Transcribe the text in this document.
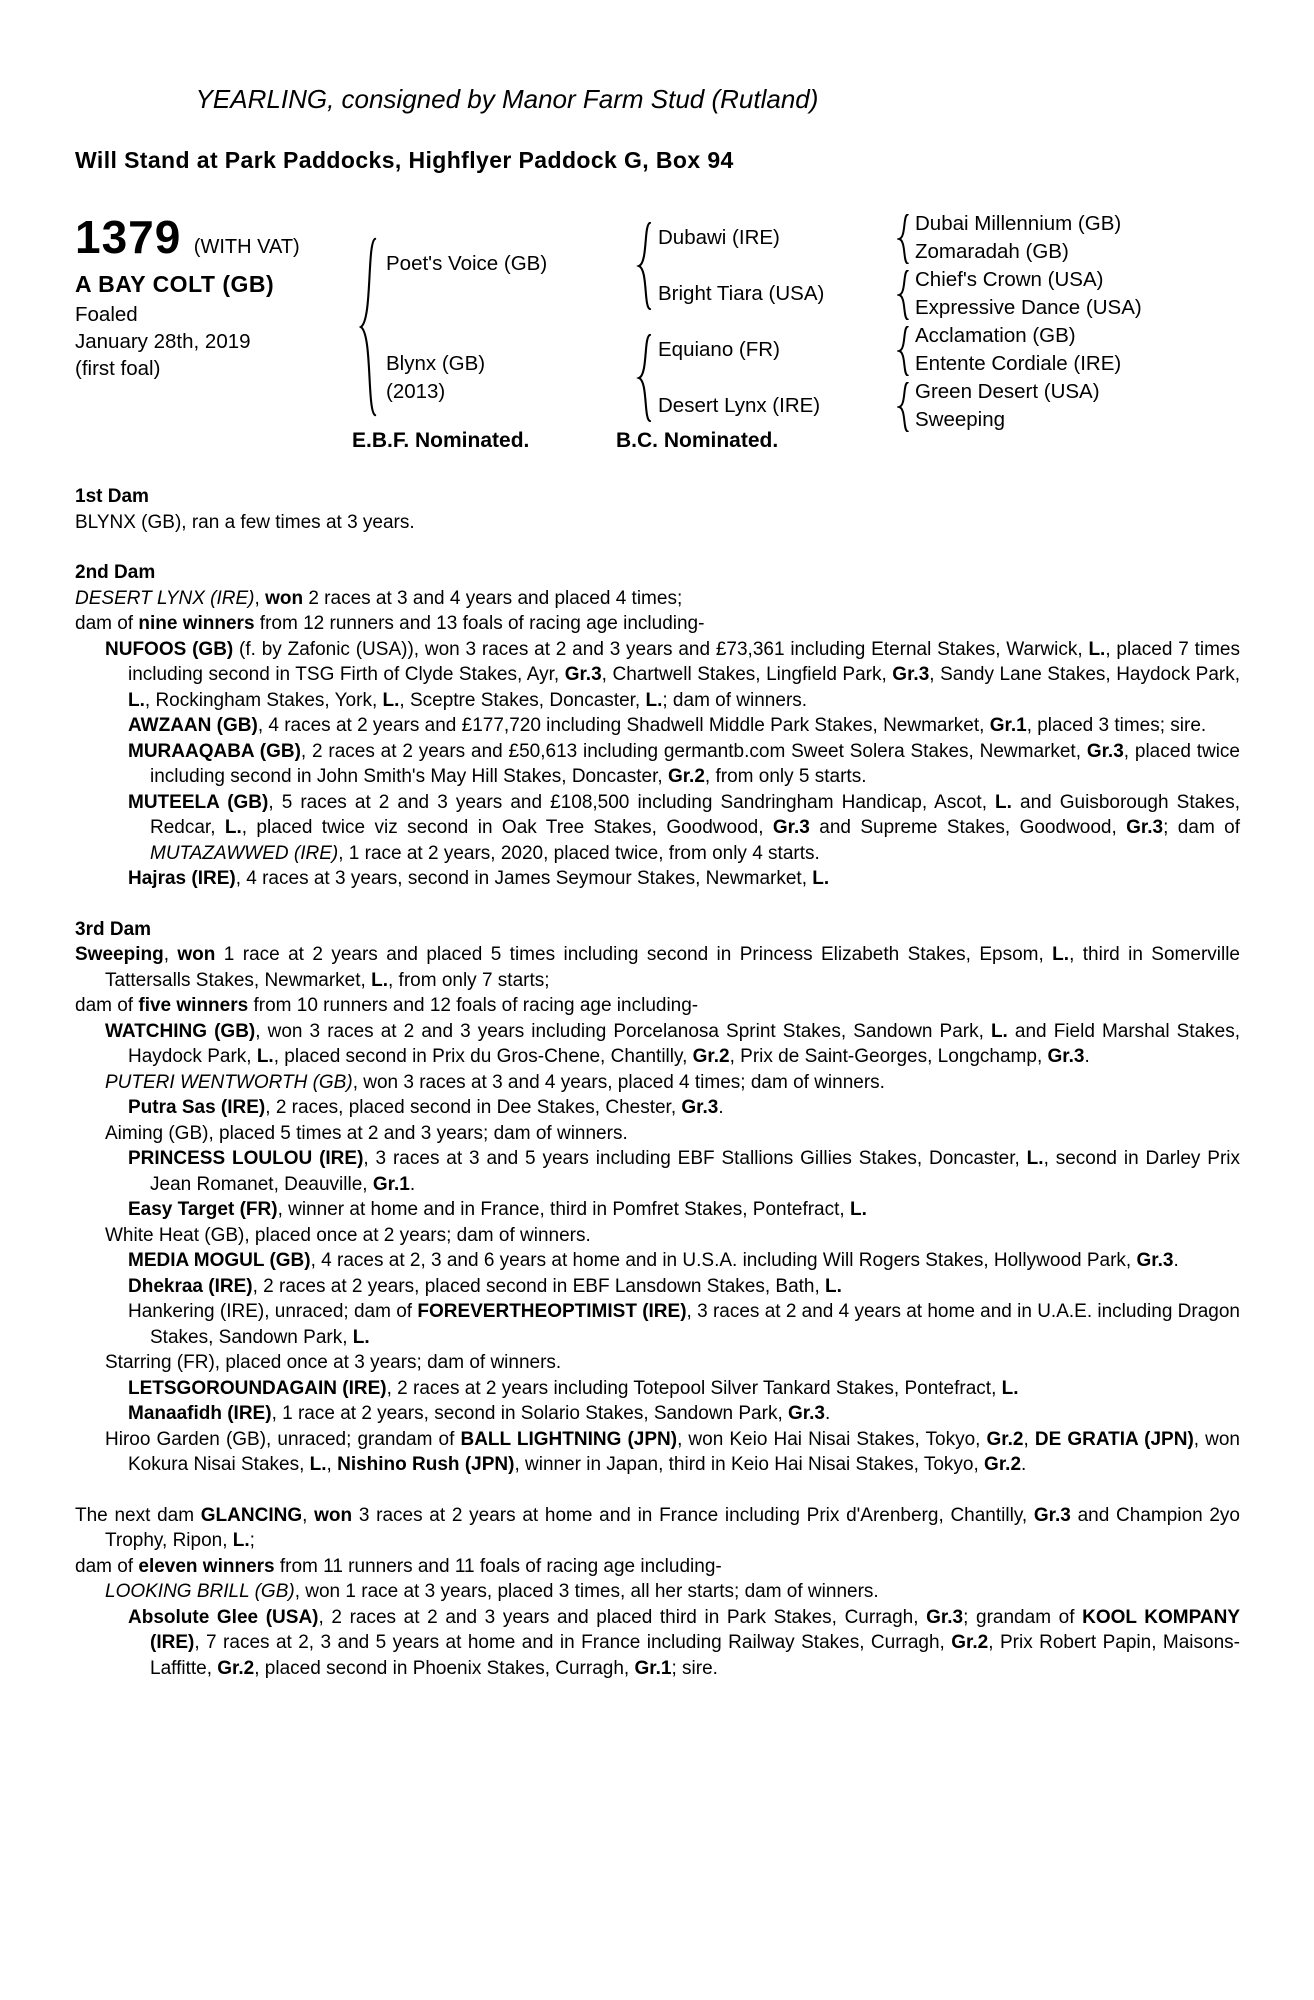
YEARLING, consigned by Manor Farm Stud (Rutland)
Will Stand at Park Paddocks, Highflyer Paddock G, Box 94
1379 (WITH VAT)
A BAY COLT (GB)
Foaled
January 28th, 2019
(first foal)
Poet's Voice (GB)
Blynx (GB)
(2013)
Dubawi (IRE)
Bright Tiara (USA)
Equiano (FR)
Desert Lynx (IRE)
Dubai Millennium (GB)
Zomaradah (GB)
Chief's Crown (USA)
Expressive Dance (USA)
Acclamation (GB)
Entente Cordiale (IRE)
Green Desert (USA)
Sweeping
E.B.F. Nominated.	B.C. Nominated.
1st Dam
BLYNX (GB), ran a few times at 3 years.
2nd Dam
DESERT LYNX (IRE), won 2 races at 3 and 4 years and placed 4 times;
dam of nine winners from 12 runners and 13 foals of racing age including-
NUFOOS (GB) (f. by Zafonic (USA)), won 3 races at 2 and 3 years and £73,361 including Eternal Stakes, Warwick, L., placed 7 times including second in TSG Firth of Clyde Stakes, Ayr, Gr.3, Chartwell Stakes, Lingfield Park, Gr.3, Sandy Lane Stakes, Haydock Park, L., Rockingham Stakes, York, L., Sceptre Stakes, Doncaster, L.; dam of winners.
AWZAAN (GB), 4 races at 2 years and £177,720 including Shadwell Middle Park Stakes, Newmarket, Gr.1, placed 3 times; sire.
MURAAQABA (GB), 2 races at 2 years and £50,613 including germantb.com Sweet Solera Stakes, Newmarket, Gr.3, placed twice including second in John Smith's May Hill Stakes, Doncaster, Gr.2, from only 5 starts.
MUTEELA (GB), 5 races at 2 and 3 years and £108,500 including Sandringham Handicap, Ascot, L. and Guisborough Stakes, Redcar, L., placed twice viz second in Oak Tree Stakes, Goodwood, Gr.3 and Supreme Stakes, Goodwood, Gr.3; dam of MUTAZAWWED (IRE), 1 race at 2 years, 2020, placed twice, from only 4 starts.
Hajras (IRE), 4 races at 3 years, second in James Seymour Stakes, Newmarket, L.
3rd Dam
Sweeping, won 1 race at 2 years and placed 5 times including second in Princess Elizabeth Stakes, Epsom, L., third in Somerville Tattersalls Stakes, Newmarket, L., from only 7 starts;
dam of five winners from 10 runners and 12 foals of racing age including-
WATCHING (GB), won 3 races at 2 and 3 years including Porcelanosa Sprint Stakes, Sandown Park, L. and Field Marshal Stakes, Haydock Park, L., placed second in Prix du Gros-Chene, Chantilly, Gr.2, Prix de Saint-Georges, Longchamp, Gr.3.
PUTERI WENTWORTH (GB), won 3 races at 3 and 4 years, placed 4 times; dam of winners.
Putra Sas (IRE), 2 races, placed second in Dee Stakes, Chester, Gr.3.
Aiming (GB), placed 5 times at 2 and 3 years; dam of winners.
PRINCESS LOULOU (IRE), 3 races at 3 and 5 years including EBF Stallions Gillies Stakes, Doncaster, L., second in Darley Prix Jean Romanet, Deauville, Gr.1.
Easy Target (FR), winner at home and in France, third in Pomfret Stakes, Pontefract, L.
White Heat (GB), placed once at 2 years; dam of winners.
MEDIA MOGUL (GB), 4 races at 2, 3 and 6 years at home and in U.S.A. including Will Rogers Stakes, Hollywood Park, Gr.3.
Dhekraa (IRE), 2 races at 2 years, placed second in EBF Lansdown Stakes, Bath, L.
Hankering (IRE), unraced; dam of FOREVERTHEOPTIMIST (IRE), 3 races at 2 and 4 years at home and in U.A.E. including Dragon Stakes, Sandown Park, L.
Starring (FR), placed once at 3 years; dam of winners.
LETSGOROUNDAGAIN (IRE), 2 races at 2 years including Totepool Silver Tankard Stakes, Pontefract, L.
Manaafidh (IRE), 1 race at 2 years, second in Solario Stakes, Sandown Park, Gr.3.
Hiroo Garden (GB), unraced; grandam of BALL LIGHTNING (JPN), won Keio Hai Nisai Stakes, Tokyo, Gr.2, DE GRATIA (JPN), won Kokura Nisai Stakes, L., Nishino Rush (JPN), winner in Japan, third in Keio Hai Nisai Stakes, Tokyo, Gr.2.
The next dam GLANCING, won 3 races at 2 years at home and in France including Prix d'Arenberg, Chantilly, Gr.3 and Champion 2yo Trophy, Ripon, L.;
dam of eleven winners from 11 runners and 11 foals of racing age including-
LOOKING BRILL (GB), won 1 race at 3 years, placed 3 times, all her starts; dam of winners.
Absolute Glee (USA), 2 races at 2 and 3 years and placed third in Park Stakes, Curragh, Gr.3; grandam of KOOL KOMPANY (IRE), 7 races at 2, 3 and 5 years at home and in France including Railway Stakes, Curragh, Gr.2, Prix Robert Papin, Maisons-Laffitte, Gr.2, placed second in Phoenix Stakes, Curragh, Gr.1; sire.
